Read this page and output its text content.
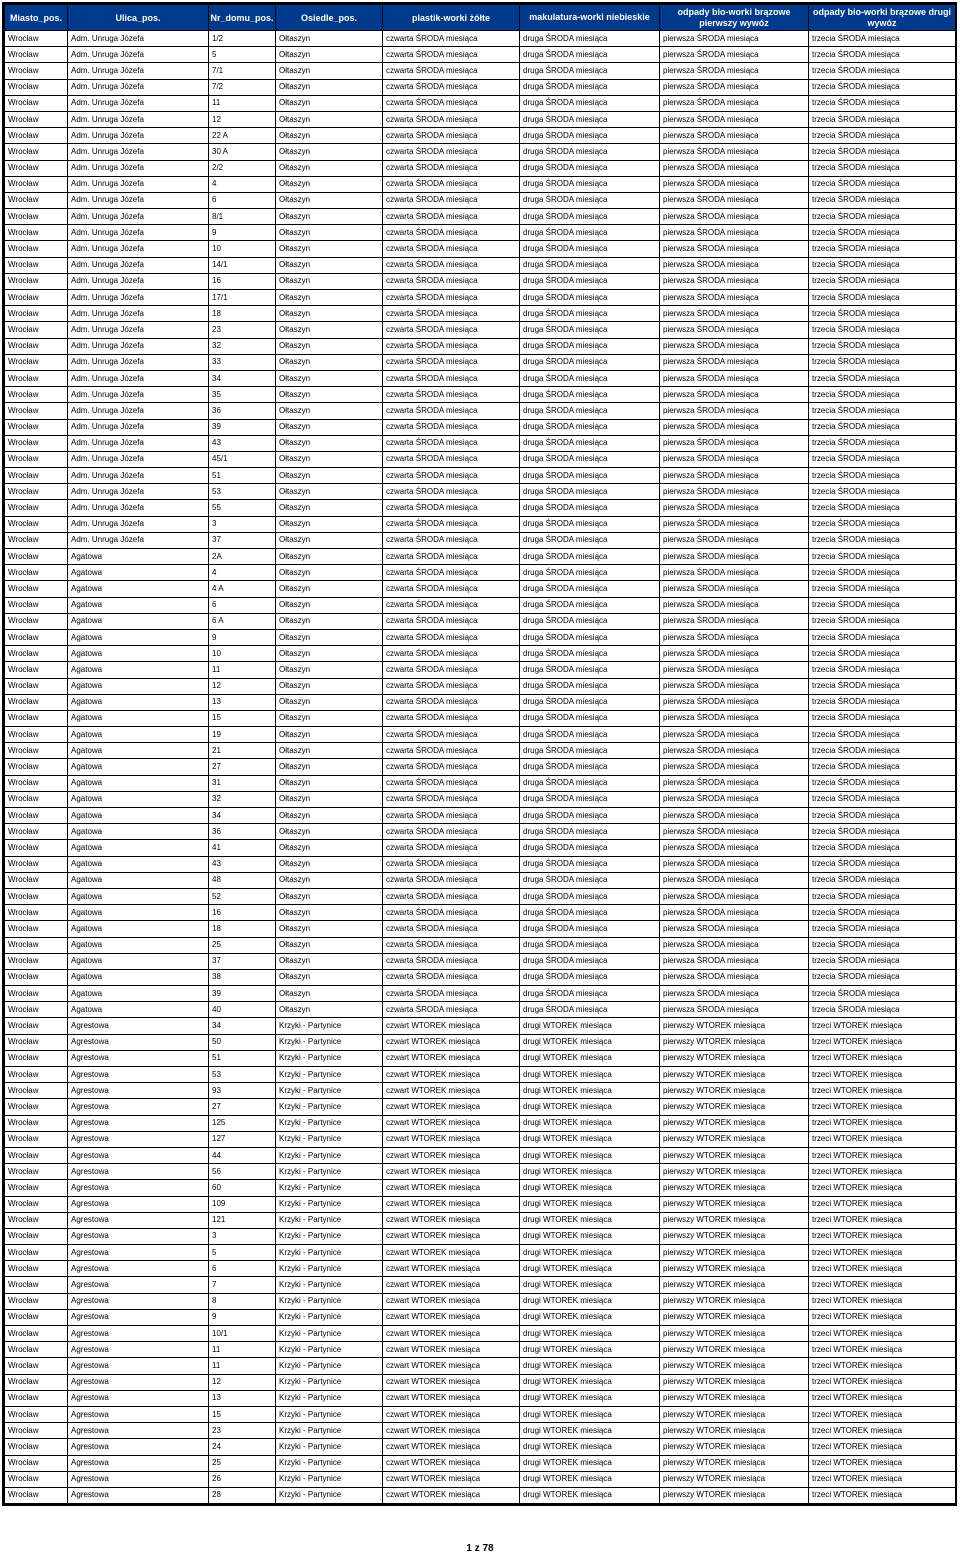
Miasto_pos.	Ulica_pos.	Nr_domu_pos.	Osiedle_pos.	plastik-worki żółte	makulatura-worki niebieskie	odpady bio-worki brązowe pierwszy wywóz	odpady bio-worki brązowe drugi wywóz
Wrocław	Adm. Unruga Józefa	1/2	Ołtaszyn	czwarta ŚRODA miesiąca	druga ŚRODA miesiąca	pierwsza ŚRODA miesiąca	trzecia ŚRODA miesiąca
Wrocław	Adm. Unruga Józefa	5	Ołtaszyn	czwarta ŚRODA miesiąca	druga ŚRODA miesiąca	pierwsza ŚRODA miesiąca	trzecia ŚRODA miesiąca
Wrocław	Adm. Unruga Józefa	7/1	Ołtaszyn	czwarta ŚRODA miesiąca	druga ŚRODA miesiąca	pierwsza ŚRODA miesiąca	trzecia ŚRODA miesiąca
Wrocław	Adm. Unruga Józefa	7/2	Ołtaszyn	czwarta ŚRODA miesiąca	druga ŚRODA miesiąca	pierwsza ŚRODA miesiąca	trzecia ŚRODA miesiąca
Wrocław	Adm. Unruga Józefa	11	Ołtaszyn	czwarta ŚRODA miesiąca	druga ŚRODA miesiąca	pierwsza ŚRODA miesiąca	trzecia ŚRODA miesiąca
Wrocław	Adm. Unruga Józefa	12	Ołtaszyn	czwarta ŚRODA miesiąca	druga ŚRODA miesiąca	pierwsza ŚRODA miesiąca	trzecia ŚRODA miesiąca
Wrocław	Adm. Unruga Józefa	22 A	Ołtaszyn	czwarta ŚRODA miesiąca	druga ŚRODA miesiąca	pierwsza ŚRODA miesiąca	trzecia ŚRODA miesiąca
Wrocław	Adm. Unruga Józefa	30 A	Ołtaszyn	czwarta ŚRODA miesiąca	druga ŚRODA miesiąca	pierwsza ŚRODA miesiąca	trzecia ŚRODA miesiąca
Wrocław	Adm. Unruga Józefa	2/2	Ołtaszyn	czwarta ŚRODA miesiąca	druga ŚRODA miesiąca	pierwsza ŚRODA miesiąca	trzecia ŚRODA miesiąca
Wrocław	Adm. Unruga Józefa	4	Ołtaszyn	czwarta ŚRODA miesiąca	druga ŚRODA miesiąca	pierwsza ŚRODA miesiąca	trzecia ŚRODA miesiąca
Wrocław	Adm. Unruga Józefa	6	Ołtaszyn	czwarta ŚRODA miesiąca	druga ŚRODA miesiąca	pierwsza ŚRODA miesiąca	trzecia ŚRODA miesiąca
Wrocław	Adm. Unruga Józefa	8/1	Ołtaszyn	czwarta ŚRODA miesiąca	druga ŚRODA miesiąca	pierwsza ŚRODA miesiąca	trzecia ŚRODA miesiąca
Wrocław	Adm. Unruga Józefa	9	Ołtaszyn	czwarta ŚRODA miesiąca	druga ŚRODA miesiąca	pierwsza ŚRODA miesiąca	trzecia ŚRODA miesiąca
Wrocław	Adm. Unruga Józefa	10	Ołtaszyn	czwarta ŚRODA miesiąca	druga ŚRODA miesiąca	pierwsza ŚRODA miesiąca	trzecia ŚRODA miesiąca
Wrocław	Adm. Unruga Józefa	14/1	Ołtaszyn	czwarta ŚRODA miesiąca	druga ŚRODA miesiąca	pierwsza ŚRODA miesiąca	trzecia ŚRODA miesiąca
Wrocław	Adm. Unruga Józefa	16	Ołtaszyn	czwarta ŚRODA miesiąca	druga ŚRODA miesiąca	pierwsza ŚRODA miesiąca	trzecia ŚRODA miesiąca
Wrocław	Adm. Unruga Józefa	17/1	Ołtaszyn	czwarta ŚRODA miesiąca	druga ŚRODA miesiąca	pierwsza ŚRODA miesiąca	trzecia ŚRODA miesiąca
Wrocław	Adm. Unruga Józefa	18	Ołtaszyn	czwarta ŚRODA miesiąca	druga ŚRODA miesiąca	pierwsza ŚRODA miesiąca	trzecia ŚRODA miesiąca
Wrocław	Adm. Unruga Józefa	23	Ołtaszyn	czwarta ŚRODA miesiąca	druga ŚRODA miesiąca	pierwsza ŚRODA miesiąca	trzecia ŚRODA miesiąca
Wrocław	Adm. Unruga Józefa	32	Ołtaszyn	czwarta ŚRODA miesiąca	druga ŚRODA miesiąca	pierwsza ŚRODA miesiąca	trzecia ŚRODA miesiąca
Wrocław	Adm. Unruga Józefa	33	Ołtaszyn	czwarta ŚRODA miesiąca	druga ŚRODA miesiąca	pierwsza ŚRODA miesiąca	trzecia ŚRODA miesiąca
Wrocław	Adm. Unruga Józefa	34	Ołtaszyn	czwarta ŚRODA miesiąca	druga ŚRODA miesiąca	pierwsza ŚRODA miesiąca	trzecia ŚRODA miesiąca
Wrocław	Adm. Unruga Józefa	35	Ołtaszyn	czwarta ŚRODA miesiąca	druga ŚRODA miesiąca	pierwsza ŚRODA miesiąca	trzecia ŚRODA miesiąca
Wrocław	Adm. Unruga Józefa	36	Ołtaszyn	czwarta ŚRODA miesiąca	druga ŚRODA miesiąca	pierwsza ŚRODA miesiąca	trzecia ŚRODA miesiąca
Wrocław	Adm. Unruga Józefa	39	Ołtaszyn	czwarta ŚRODA miesiąca	druga ŚRODA miesiąca	pierwsza ŚRODA miesiąca	trzecia ŚRODA miesiąca
Wrocław	Adm. Unruga Józefa	43	Ołtaszyn	czwarta ŚRODA miesiąca	druga ŚRODA miesiąca	pierwsza ŚRODA miesiąca	trzecia ŚRODA miesiąca
Wrocław	Adm. Unruga Józefa	45/1	Ołtaszyn	czwarta ŚRODA miesiąca	druga ŚRODA miesiąca	pierwsza ŚRODA miesiąca	trzecia ŚRODA miesiąca
Wrocław	Adm. Unruga Józefa	51	Ołtaszyn	czwarta ŚRODA miesiąca	druga ŚRODA miesiąca	pierwsza ŚRODA miesiąca	trzecia ŚRODA miesiąca
Wrocław	Adm. Unruga Józefa	53	Ołtaszyn	czwarta ŚRODA miesiąca	druga ŚRODA miesiąca	pierwsza ŚRODA miesiąca	trzecia ŚRODA miesiąca
Wrocław	Adm. Unruga Józefa	55	Ołtaszyn	czwarta ŚRODA miesiąca	druga ŚRODA miesiąca	pierwsza ŚRODA miesiąca	trzecia ŚRODA miesiąca
Wrocław	Adm. Unruga Józefa	3	Ołtaszyn	czwarta ŚRODA miesiąca	druga ŚRODA miesiąca	pierwsza ŚRODA miesiąca	trzecia ŚRODA miesiąca
Wrocław	Adm. Unruga Józefa	37	Ołtaszyn	czwarta ŚRODA miesiąca	druga ŚRODA miesiąca	pierwsza ŚRODA miesiąca	trzecia ŚRODA miesiąca
Wrocław	Agatowa	2A	Ołtaszyn	czwarta ŚRODA miesiąca	druga ŚRODA miesiąca	pierwsza ŚRODA miesiąca	trzecia ŚRODA miesiąca
Wrocław	Agatowa	4	Ołtaszyn	czwarta ŚRODA miesiąca	druga ŚRODA miesiąca	pierwsza ŚRODA miesiąca	trzecia ŚRODA miesiąca
Wrocław	Agatowa	4 A	Ołtaszyn	czwarta ŚRODA miesiąca	druga ŚRODA miesiąca	pierwsza ŚRODA miesiąca	trzecia ŚRODA miesiąca
Wrocław	Agatowa	6	Ołtaszyn	czwarta ŚRODA miesiąca	druga ŚRODA miesiąca	pierwsza ŚRODA miesiąca	trzecia ŚRODA miesiąca
Wrocław	Agatowa	6 A	Ołtaszyn	czwarta ŚRODA miesiąca	druga ŚRODA miesiąca	pierwsza ŚRODA miesiąca	trzecia ŚRODA miesiąca
Wrocław	Agatowa	9	Ołtaszyn	czwarta ŚRODA miesiąca	druga ŚRODA miesiąca	pierwsza ŚRODA miesiąca	trzecia ŚRODA miesiąca
Wrocław	Agatowa	10	Ołtaszyn	czwarta ŚRODA miesiąca	druga ŚRODA miesiąca	pierwsza ŚRODA miesiąca	trzecia ŚRODA miesiąca
Wrocław	Agatowa	11	Ołtaszyn	czwarta ŚRODA miesiąca	druga ŚRODA miesiąca	pierwsza ŚRODA miesiąca	trzecia ŚRODA miesiąca
Wrocław	Agatowa	12	Ołtaszyn	czwarta ŚRODA miesiąca	druga ŚRODA miesiąca	pierwsza ŚRODA miesiąca	trzecia ŚRODA miesiąca
Wrocław	Agatowa	13	Ołtaszyn	czwarta ŚRODA miesiąca	druga ŚRODA miesiąca	pierwsza ŚRODA miesiąca	trzecia ŚRODA miesiąca
Wrocław	Agatowa	15	Ołtaszyn	czwarta ŚRODA miesiąca	druga ŚRODA miesiąca	pierwsza ŚRODA miesiąca	trzecia ŚRODA miesiąca
Wrocław	Agatowa	19	Ołtaszyn	czwarta ŚRODA miesiąca	druga ŚRODA miesiąca	pierwsza ŚRODA miesiąca	trzecia ŚRODA miesiąca
Wrocław	Agatowa	21	Ołtaszyn	czwarta ŚRODA miesiąca	druga ŚRODA miesiąca	pierwsza ŚRODA miesiąca	trzecia ŚRODA miesiąca
Wrocław	Agatowa	27	Ołtaszyn	czwarta ŚRODA miesiąca	druga ŚRODA miesiąca	pierwsza ŚRODA miesiąca	trzecia ŚRODA miesiąca
Wrocław	Agatowa	31	Ołtaszyn	czwarta ŚRODA miesiąca	druga ŚRODA miesiąca	pierwsza ŚRODA miesiąca	trzecia ŚRODA miesiąca
Wrocław	Agatowa	32	Ołtaszyn	czwarta ŚRODA miesiąca	druga ŚRODA miesiąca	pierwsza ŚRODA miesiąca	trzecia ŚRODA miesiąca
Wrocław	Agatowa	34	Ołtaszyn	czwarta ŚRODA miesiąca	druga ŚRODA miesiąca	pierwsza ŚRODA miesiąca	trzecia ŚRODA miesiąca
Wrocław	Agatowa	36	Ołtaszyn	czwarta ŚRODA miesiąca	druga ŚRODA miesiąca	pierwsza ŚRODA miesiąca	trzecia ŚRODA miesiąca
Wrocław	Agatowa	41	Ołtaszyn	czwarta ŚRODA miesiąca	druga ŚRODA miesiąca	pierwsza ŚRODA miesiąca	trzecia ŚRODA miesiąca
Wrocław	Agatowa	43	Ołtaszyn	czwarta ŚRODA miesiąca	druga ŚRODA miesiąca	pierwsza ŚRODA miesiąca	trzecia ŚRODA miesiąca
Wrocław	Agatowa	48	Ołtaszyn	czwarta ŚRODA miesiąca	druga ŚRODA miesiąca	pierwsza ŚRODA miesiąca	trzecia ŚRODA miesiąca
Wrocław	Agatowa	52	Ołtaszyn	czwarta ŚRODA miesiąca	druga ŚRODA miesiąca	pierwsza ŚRODA miesiąca	trzecia ŚRODA miesiąca
Wrocław	Agatowa	16	Ołtaszyn	czwarta ŚRODA miesiąca	druga ŚRODA miesiąca	pierwsza ŚRODA miesiąca	trzecia ŚRODA miesiąca
Wrocław	Agatowa	18	Ołtaszyn	czwarta ŚRODA miesiąca	druga ŚRODA miesiąca	pierwsza ŚRODA miesiąca	trzecia ŚRODA miesiąca
Wrocław	Agatowa	25	Ołtaszyn	czwarta ŚRODA miesiąca	druga ŚRODA miesiąca	pierwsza ŚRODA miesiąca	trzecia ŚRODA miesiąca
Wrocław	Agatowa	37	Ołtaszyn	czwarta ŚRODA miesiąca	druga ŚRODA miesiąca	pierwsza ŚRODA miesiąca	trzecia ŚRODA miesiąca
Wrocław	Agatowa	38	Ołtaszyn	czwarta ŚRODA miesiąca	druga ŚRODA miesiąca	pierwsza ŚRODA miesiąca	trzecia ŚRODA miesiąca
Wrocław	Agatowa	39	Ołtaszyn	czwarta ŚRODA miesiąca	druga ŚRODA miesiąca	pierwsza ŚRODA miesiąca	trzecia ŚRODA miesiąca
Wrocław	Agatowa	40	Ołtaszyn	czwarta ŚRODA miesiąca	druga ŚRODA miesiąca	pierwsza ŚRODA miesiąca	trzecia ŚRODA miesiąca
Wrocław	Agrestowa	34	Krzyki - Partynice	czwart WTOREK miesiąca	drugi WTOREK miesiąca	pierwszy WTOREK miesiąca	trzeci WTOREK miesiąca
Wrocław	Agrestowa	50	Krzyki - Partynice	czwart WTOREK miesiąca	drugi WTOREK miesiąca	pierwszy WTOREK miesiąca	trzeci WTOREK miesiąca
Wrocław	Agrestowa	51	Krzyki - Partynice	czwart WTOREK miesiąca	drugi WTOREK miesiąca	pierwszy WTOREK miesiąca	trzeci WTOREK miesiąca
Wrocław	Agrestowa	53	Krzyki - Partynice	czwart WTOREK miesiąca	drugi WTOREK miesiąca	pierwszy WTOREK miesiąca	trzeci WTOREK miesiąca
Wrocław	Agrestowa	93	Krzyki - Partynice	czwart WTOREK miesiąca	drugi WTOREK miesiąca	pierwszy WTOREK miesiąca	trzeci WTOREK miesiąca
Wrocław	Agrestowa	27	Krzyki - Partynice	czwart WTOREK miesiąca	drugi WTOREK miesiąca	pierwszy WTOREK miesiąca	trzeci WTOREK miesiąca
Wrocław	Agrestowa	125	Krzyki - Partynice	czwart WTOREK miesiąca	drugi WTOREK miesiąca	pierwszy WTOREK miesiąca	trzeci WTOREK miesiąca
Wrocław	Agrestowa	127	Krzyki - Partynice	czwart WTOREK miesiąca	drugi WTOREK miesiąca	pierwszy WTOREK miesiąca	trzeci WTOREK miesiąca
Wrocław	Agrestowa	44	Krzyki - Partynice	czwart WTOREK miesiąca	drugi WTOREK miesiąca	pierwszy WTOREK miesiąca	trzeci WTOREK miesiąca
Wrocław	Agrestowa	56	Krzyki - Partynice	czwart WTOREK miesiąca	drugi WTOREK miesiąca	pierwszy WTOREK miesiąca	trzeci WTOREK miesiąca
Wrocław	Agrestowa	60	Krzyki - Partynice	czwart WTOREK miesiąca	drugi WTOREK miesiąca	pierwszy WTOREK miesiąca	trzeci WTOREK miesiąca
Wrocław	Agrestowa	109	Krzyki - Partynice	czwart WTOREK miesiąca	drugi WTOREK miesiąca	pierwszy WTOREK miesiąca	trzeci WTOREK miesiąca
Wrocław	Agrestowa	121	Krzyki - Partynice	czwart WTOREK miesiąca	drugi WTOREK miesiąca	pierwszy WTOREK miesiąca	trzeci WTOREK miesiąca
Wrocław	Agrestowa	3	Krzyki - Partynice	czwart WTOREK miesiąca	drugi WTOREK miesiąca	pierwszy WTOREK miesiąca	trzeci WTOREK miesiąca
Wrocław	Agrestowa	5	Krzyki - Partynice	czwart WTOREK miesiąca	drugi WTOREK miesiąca	pierwszy WTOREK miesiąca	trzeci WTOREK miesiąca
Wrocław	Agrestowa	6	Krzyki - Partynice	czwart WTOREK miesiąca	drugi WTOREK miesiąca	pierwszy WTOREK miesiąca	trzeci WTOREK miesiąca
Wrocław	Agrestowa	7	Krzyki - Partynice	czwart WTOREK miesiąca	drugi WTOREK miesiąca	pierwszy WTOREK miesiąca	trzeci WTOREK miesiąca
Wrocław	Agrestowa	8	Krzyki - Partynice	czwart WTOREK miesiąca	drugi WTOREK miesiąca	pierwszy WTOREK miesiąca	trzeci WTOREK miesiąca
Wrocław	Agrestowa	9	Krzyki - Partynice	czwart WTOREK miesiąca	drugi WTOREK miesiąca	pierwszy WTOREK miesiąca	trzeci WTOREK miesiąca
Wrocław	Agrestowa	10/1	Krzyki - Partynice	czwart WTOREK miesiąca	drugi WTOREK miesiąca	pierwszy WTOREK miesiąca	trzeci WTOREK miesiąca
Wrocław	Agrestowa	11	Krzyki - Partynice	czwart WTOREK miesiąca	drugi WTOREK miesiąca	pierwszy WTOREK miesiąca	trzeci WTOREK miesiąca
Wrocław	Agrestowa	11	Krzyki - Partynice	czwart WTOREK miesiąca	drugi WTOREK miesiąca	pierwszy WTOREK miesiąca	trzeci WTOREK miesiąca
Wrocław	Agrestowa	12	Krzyki - Partynice	czwart WTOREK miesiąca	drugi WTOREK miesiąca	pierwszy WTOREK miesiąca	trzeci WTOREK miesiąca
Wrocław	Agrestowa	13	Krzyki - Partynice	czwart WTOREK miesiąca	drugi WTOREK miesiąca	pierwszy WTOREK miesiąca	trzeci WTOREK miesiąca
Wrocław	Agrestowa	15	Krzyki - Partynice	czwart WTOREK miesiąca	drugi WTOREK miesiąca	pierwszy WTOREK miesiąca	trzeci WTOREK miesiąca
Wrocław	Agrestowa	23	Krzyki - Partynice	czwart WTOREK miesiąca	drugi WTOREK miesiąca	pierwszy WTOREK miesiąca	trzeci WTOREK miesiąca
Wrocław	Agrestowa	24	Krzyki - Partynice	czwart WTOREK miesiąca	drugi WTOREK miesiąca	pierwszy WTOREK miesiąca	trzeci WTOREK miesiąca
Wrocław	Agrestowa	25	Krzyki - Partynice	czwart WTOREK miesiąca	drugi WTOREK miesiąca	pierwszy WTOREK miesiąca	trzeci WTOREK miesiąca
Wrocław	Agrestowa	26	Krzyki - Partynice	czwart WTOREK miesiąca	drugi WTOREK miesiąca	pierwszy WTOREK miesiąca	trzeci WTOREK miesiąca
Wrocław	Agrestowa	28	Krzyki - Partynice	czwart WTOREK miesiąca	drugi WTOREK miesiąca	pierwszy WTOREK miesiąca	trzeci WTOREK miesiąca
1 z 78
